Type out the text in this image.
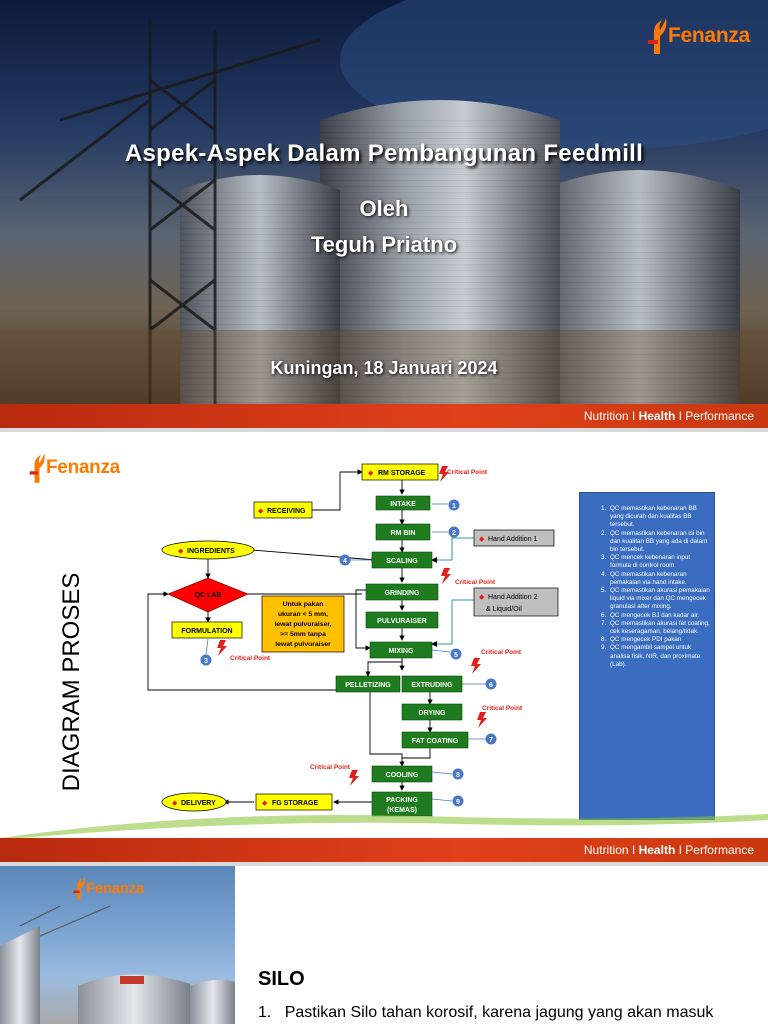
Fenanza
Aspek-Aspek Dalam Pembangunan Feedmill
Oleh
Teguh Priatno
Kuningan, 18 Januari 2024
Nutrition I Health I Performance
Fenanza
DIAGRAM PROSES
◆ RM STORAGE
◆ RECEIVING
INTAKE
RM BIN
SCALING
GRINDING
PULVURAISER
MIXING
PELLETIZING	EXTRUDING
DRYING
FAT COATING
COOLING
PACKING
(KEMAS)
◆ INGREDIENTS
QC LAB
FORMULATION
◆ Hand Addition 1
◆ Hand Addition 2
& Liquid/Oil
Untuk pakan
ukuran < 5 mm,
lewat pulvuraiser,
>= 5mm tanpa
lewat pulvuraiser
◆ FG STORAGE
◆ DELIVERY
Critical Point
Critical Point
Critical Point
Critical Point
Critical Point
Critical Point
1
2
3
4
5
6
7
8
9
1. QC memastikan kebenaran BB yang dicurah dan kualitas BB tersebut.
2. QC memastikan kebenaran isi bin dan kualitan BB yang ada di dalam bin tersebut.
3. QC mencek kebenaran input formula di control room
4. QC memastikan kebenaran pemakaian via hand intake.
5. QC memastikan akurasi pemakaian liquid via mixer dan QC mengecek granulasi after mixing.
6. QC mengecek BJ dan kadar air.
7. QC memastikan akurasi fat coating, cek keseragaman, belang/tidak.
8. QC mengecek PDI pakan
9. QC mengambil sampel untuk analisa fisik, NIR, dan proximate (Lab).
Nutrition I Health I Performance
Fenanza
SILO
1. Pastikan Silo tahan korosif, karena jagung yang akan masuk
